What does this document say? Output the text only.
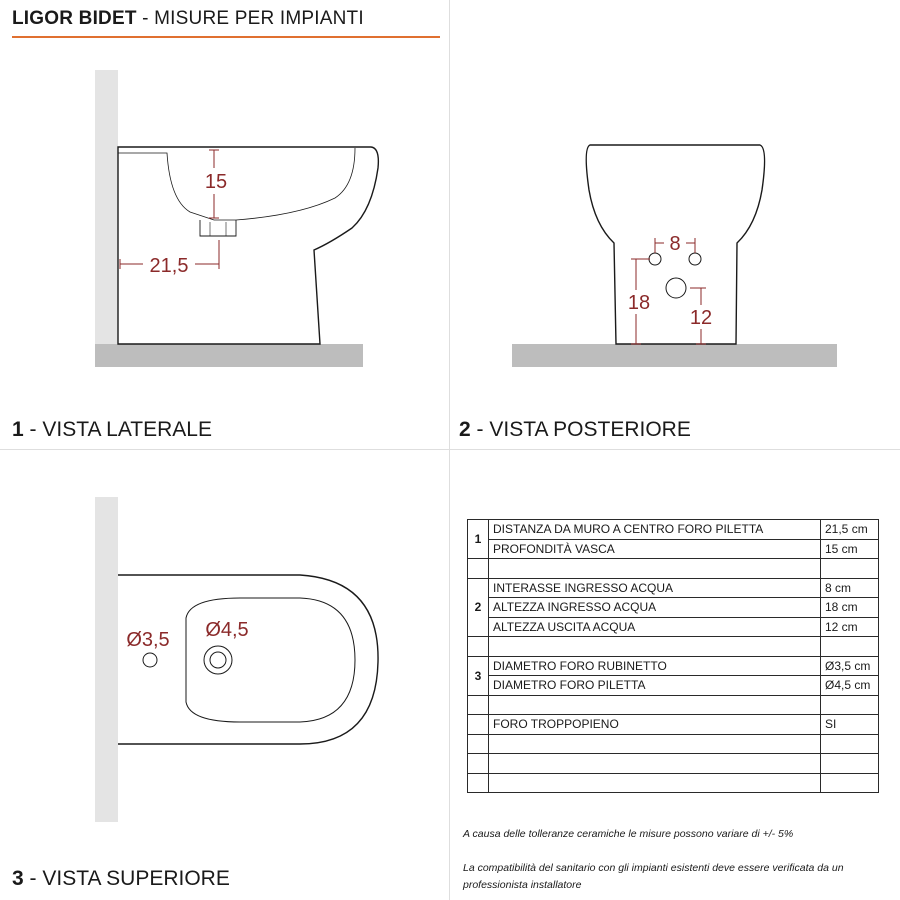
LIGOR BIDET - MISURE PER IMPIANTI
15
21,5
1 - VISTA LATERALE
8
18
12
2 - VISTA POSTERIORE
Ø3,5 Ø4,5
3 - VISTA SUPERIORE
1	DISTANZA DA MURO A CENTRO FORO PILETTA	21,5 cm
	PROFONDITÀ VASCA	15 cm

2	INTERASSE INGRESSO ACQUA	8 cm
	ALTEZZA INGRESSO ACQUA	18 cm
	ALTEZZA USCITA ACQUA	12 cm

3	DIAMETRO FORO RUBINETTO	Ø3,5 cm
	DIAMETRO FORO PILETTA	Ø4,5 cm

	FORO TROPPOPIENO	SI

A causa delle tolleranze ceramiche le misure possono variare di +/- 5%
La compatibilità del sanitario con gli impianti esistenti deve essere verificata da un professionista installatore
